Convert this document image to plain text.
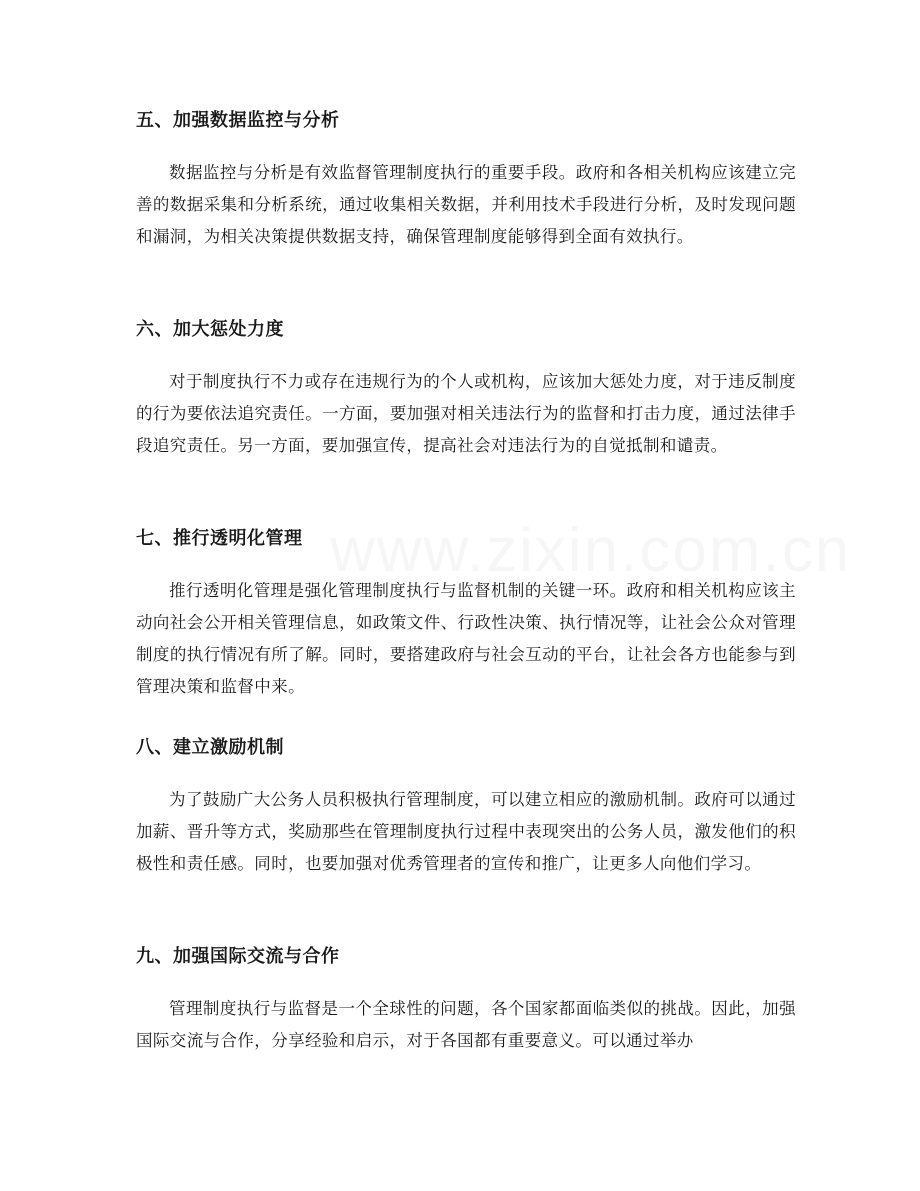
五、加强数据监控与分析

数据监控与分析是有效监督管理制度执行的重要手段。政府和各相关机构应该建立完善的数据采集和分析系统，通过收集相关数据，并利用技术手段进行分析，及时发现问题和漏洞，为相关决策提供数据支持，确保管理制度能够得到全面有效执行。

六、加大惩处力度

对于制度执行不力或存在违规行为的个人或机构，应该加大惩处力度，对于违反制度的行为要依法追究责任。一方面，要加强对相关违法行为的监督和打击力度，通过法律手段追究责任。另一方面，要加强宣传，提高社会对违法行为的自觉抵制和谴责。

七、推行透明化管理

推行透明化管理是强化管理制度执行与监督机制的关键一环。政府和相关机构应该主动向社会公开相关管理信息，如政策文件、行政性决策、执行情况等，让社会公众对管理制度的执行情况有所了解。同时，要搭建政府与社会互动的平台，让社会各方也能参与到管理决策和监督中来。

八、建立激励机制

为了鼓励广大公务人员积极执行管理制度，可以建立相应的激励机制。政府可以通过加薪、晋升等方式，奖励那些在管理制度执行过程中表现突出的公务人员，激发他们的积极性和责任感。同时，也要加强对优秀管理者的宣传和推广，让更多人向他们学习。

九、加强国际交流与合作

管理制度执行与监督是一个全球性的问题，各个国家都面临类似的挑战。因此，加强国际交流与合作，分享经验和启示，对于各国都有重要意义。可以通过举办
